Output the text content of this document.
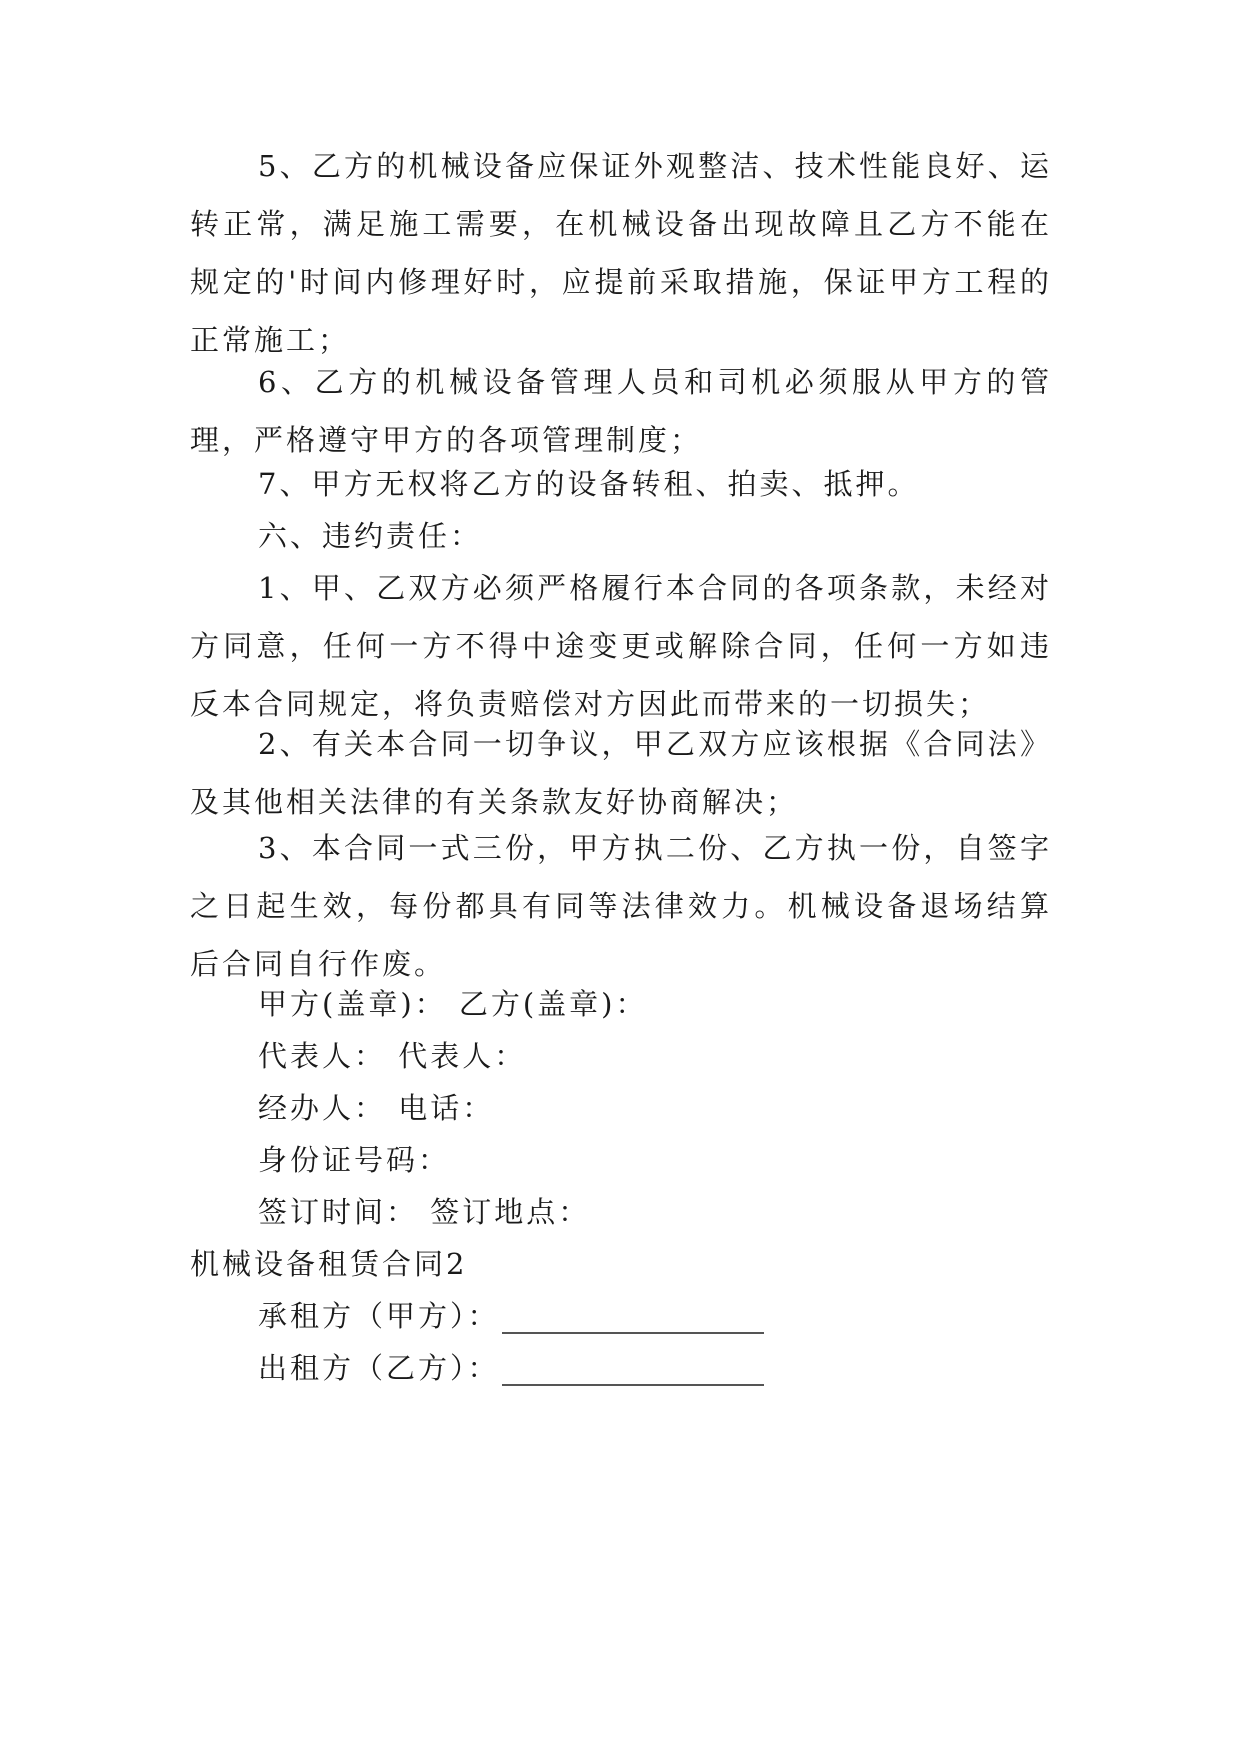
5、乙方的机械设备应保证外观整洁、技术性能良好、运转正常，满足施工需要，在机械设备出现故障且乙方不能在规定的'时间内修理好时，应提前采取措施，保证甲方工程的正常施工；

6、乙方的机械设备管理人员和司机必须服从甲方的管理，严格遵守甲方的各项管理制度；

7、甲方无权将乙方的设备转租、拍卖、抵押。

六、违约责任：

1、甲、乙双方必须严格履行本合同的各项条款，未经对方同意，任何一方不得中途变更或解除合同，任何一方如违反本合同规定，将负责赔偿对方因此而带来的一切损失；

2、有关本合同一切争议，甲乙双方应该根据《合同法》及其他相关法律的有关条款友好协商解决；

3、本合同一式三份，甲方执二份、乙方执一份，自签字之日起生效，每份都具有同等法律效力。机械设备退场结算后合同自行作废。

甲方(盖章)： 乙方(盖章)：

代表人： 代表人：

经办人： 电话：

身份证号码：

签订时间： 签订地点：

机械设备租赁合同2

承租方（甲方）：

出租方（乙方）：
